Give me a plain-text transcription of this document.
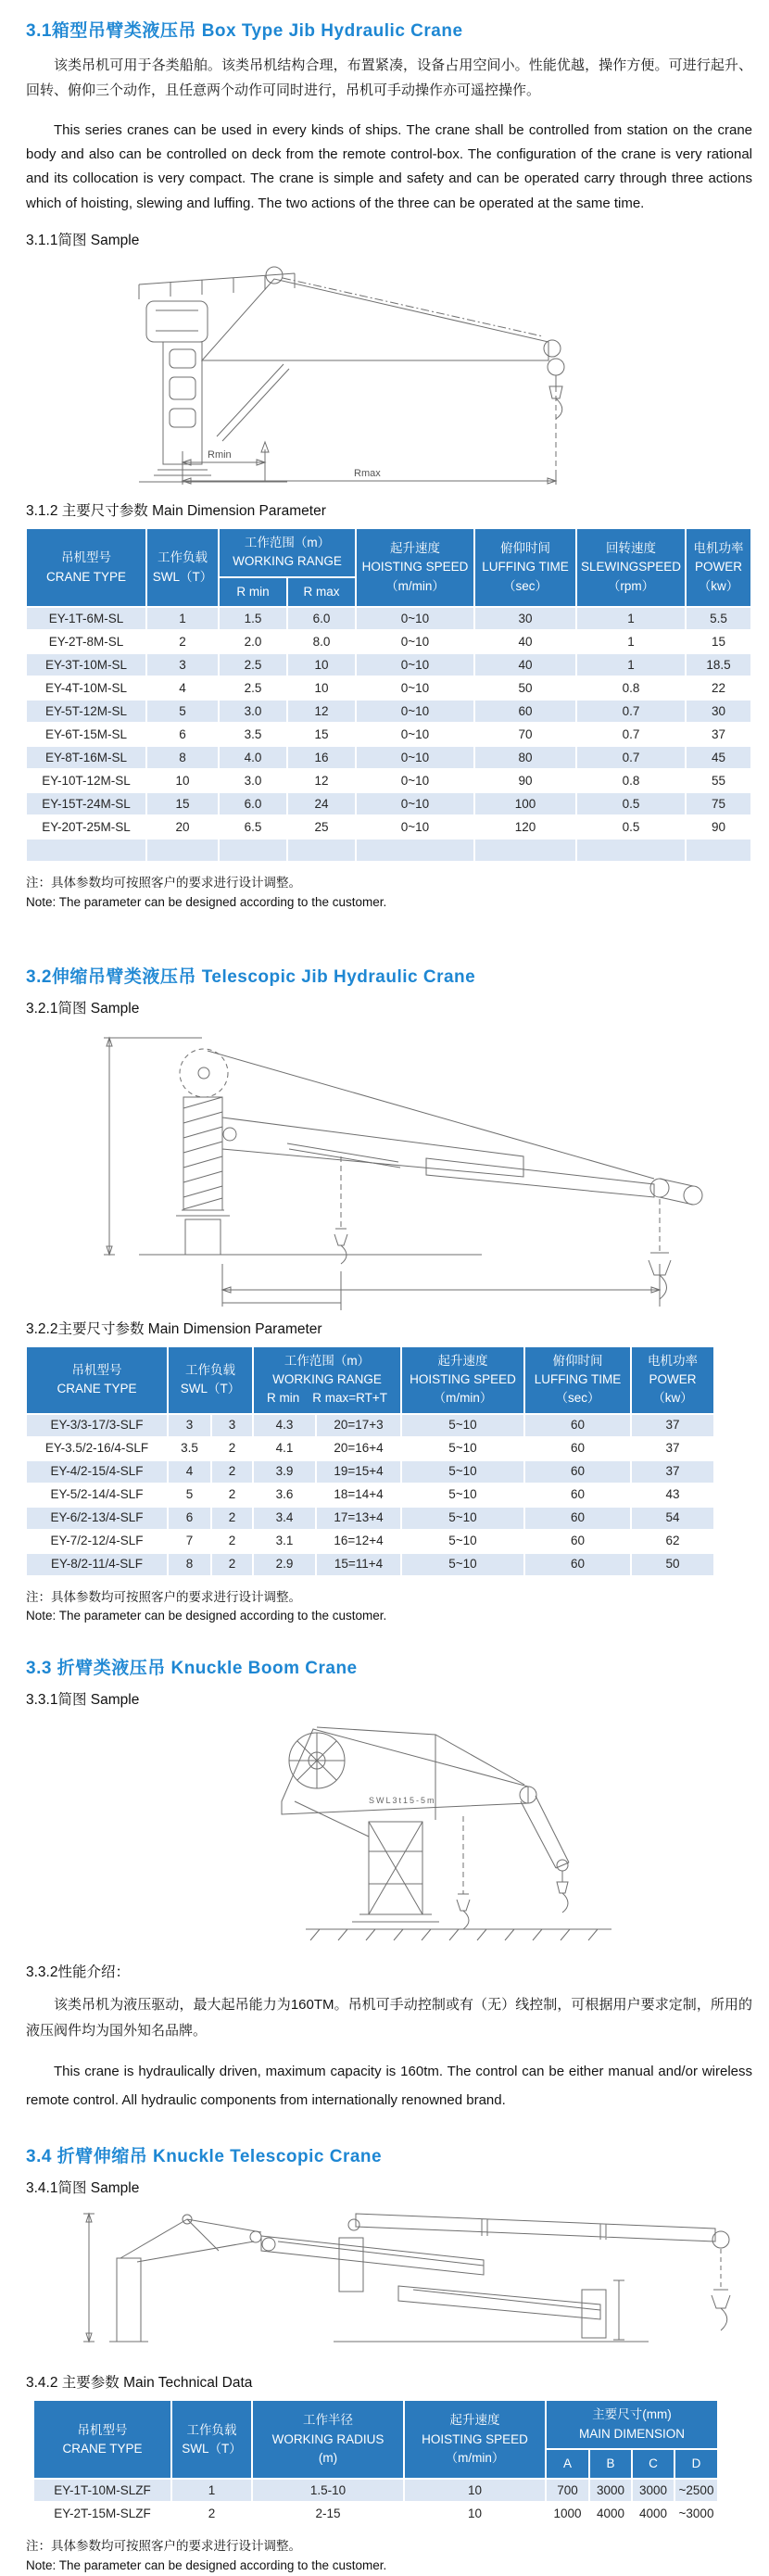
3.1箱型吊臂类液压吊 Box Type Jib Hydraulic Crane

该类吊机可用于各类船舶。该类吊机结构合理，布置紧凑，设备占用空间小。性能优越，操作方便。可进行起升、回转、俯仰三个动作，且任意两个动作可同时进行，吊机可手动操作亦可遥控操作。

This series cranes can be used in every kinds of ships. The crane shall be controlled from station on the crane body and also can be controlled on deck from the remote control-box. The configuration of the crane is very rational and its collocation is very compact. The crane is simple and safety and can be operated carry through three actions which of hoisting, slewing and luffing. The two actions of the three can be operated at the same time.

3.1.1简图 Sample
Rmin
Rmax
3.1.2 主要尺寸参数 Main Dimension Parameter
吊机型号
CRANE TYPE	工作负载
SWL（T）	工作范围（m）
WORKING RANGE		起升速度
HOISTING SPEED
（m/min）	俯仰时间
LUFFING TIME
（sec）	回转速度
SLEWINGSPEED
（rpm）	电机功率
POWER
（kw）
		R min	R max				
EY-1T-6M-SL	1	1.5	6.0	0~10	30	1	5.5
EY-2T-8M-SL	2	2.0	8.0	0~10	40	1	15
EY-3T-10M-SL	3	2.5	10	0~10	40	1	18.5
EY-4T-10M-SL	4	2.5	10	0~10	50	0.8	22
EY-5T-12M-SL	5	3.0	12	0~10	60	0.7	30
EY-6T-15M-SL	6	3.5	15	0~10	70	0.7	37
EY-8T-16M-SL	8	4.0	16	0~10	80	0.7	45
EY-10T-12M-SL	10	3.0	12	0~10	90	0.8	55
EY-15T-24M-SL	15	6.0	24	0~10	100	0.5	75
EY-20T-25M-SL	20	6.5	25	0~10	120	0.5	90

注：具体参数均可按照客户的要求进行设计调整。
Note: The parameter can be designed according to the customer.

3.2伸缩吊臂类液压吊 Telescopic Jib Hydraulic Crane
3.2.1简图 Sample
3.2.2主要尺寸参数 Main Dimension Parameter
吊机型号
CRANE TYPE	工作负载
SWL（T）		工作范围（m）
WORKING RANGE
R min R max=RT+T		起升速度
HOISTING SPEED
（m/min）	俯仰时间
LUFFING TIME
（sec）	电机功率
POWER
（kw）
EY-3/3-17/3-SLF	3	3	4.3	20=17+3	5~10	60	37
EY-3.5/2-16/4-SLF	3.5	2	4.1	20=16+4	5~10	60	37
EY-4/2-15/4-SLF	4	2	3.9	19=15+4	5~10	60	37
EY-5/2-14/4-SLF	5	2	3.6	18=14+4	5~10	60	43
EY-6/2-13/4-SLF	6	2	3.4	17=13+4	5~10	60	54
EY-7/2-12/4-SLF	7	2	3.1	16=12+4	5~10	60	62
EY-8/2-11/4-SLF	8	2	2.9	15=11+4	5~10	60	50

注：具体参数均可按照客户的要求进行设计调整。
Note: The parameter can be designed according to the customer.

3.3 折臂类液压吊 Knuckle Boom Crane
3.3.1简图 Sample
SWL3t15-5m
3.3.2性能介绍：

该类吊机为液压驱动，最大起吊能力为160TM。吊机可手动控制或有（无）线控制，可根据用户要求定制，所用的液压阀件均为国外知名品牌。

This crane is hydraulically driven, maximum capacity is 160tm. The control can be either manual and/or wireless remote control. All hydraulic components from internationally renowned brand.

3.4 折臂伸缩吊 Knuckle Telescopic Crane
3.4.1简图 Sample
3.4.2 主要参数 Main Technical Data
吊机型号
CRANE TYPE	工作负载
SWL（T）	工作半径
WORKING RADIUS
(m)	起升速度
HOISTING SPEED
（m/min）	主要尺寸(mm)
MAIN DIMENSION			
				A	B	C	D
EY-1T-10M-SLZF	1	1.5-10	10	700	3000	3000	~2500
EY-2T-15M-SLZF	2	2-15	10	1000	4000	4000	~3000

注：具体参数均可按照客户的要求进行设计调整。
Note: The parameter can be designed according to the customer.
